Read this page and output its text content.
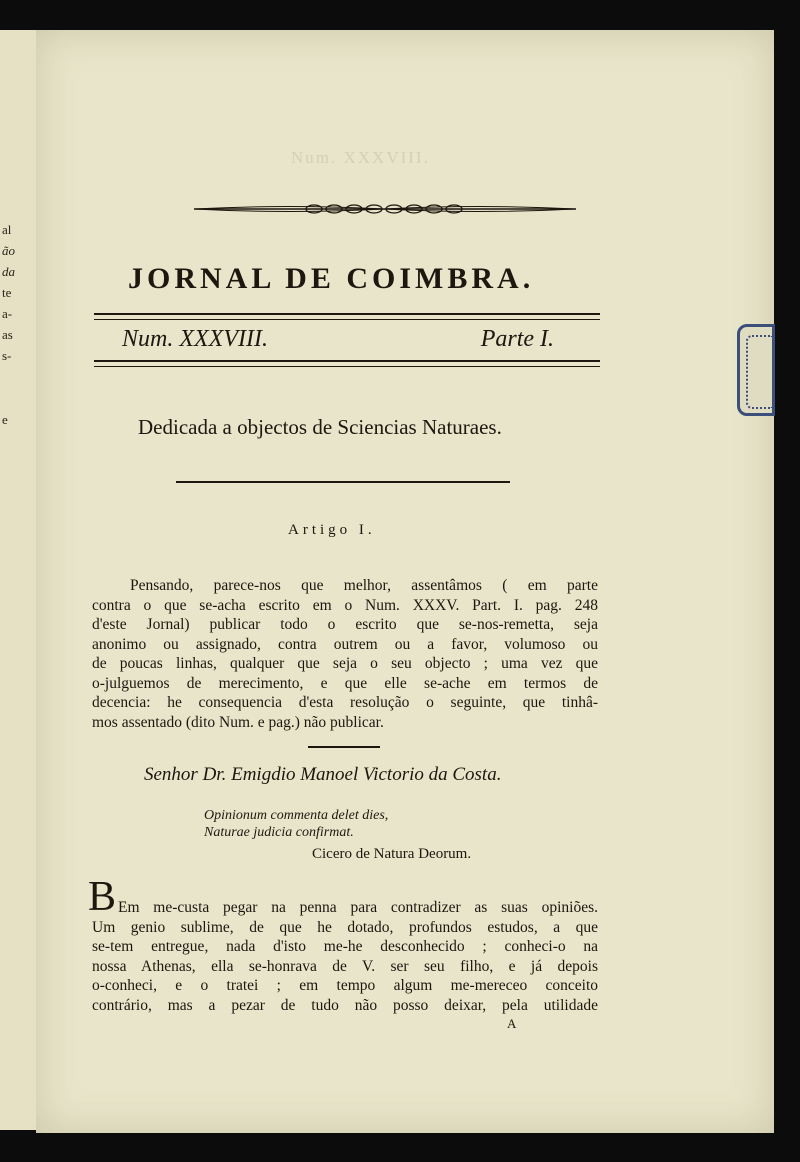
al
ão
da
te
a-
as
s-
e
Num. XXXVIII.
JORNAL DE COIMBRA.
Num. XXXVIII.	Parte I.
Dedicada a objectos de Sciencias Naturaes.
Artigo I.
Pensando, parece-nos que melhor, assentâmos ( em parte
contra o que se-acha escrito em o Num. XXXV. Part. I. pag. 248
d'este Jornal) publicar todo o escrito que se-nos-remetta, seja
anonimo ou assignado, contra outrem ou a favor, volumoso ou
de poucas linhas, qualquer que seja o seu objecto ; uma vez que
o-julguemos de merecimento, e que elle se-ache em termos de
decencia: he consequencia d'esta resolução o seguinte, que tinhâ-
mos assentado (dito Num. e pag.) não publicar.
Senhor Dr. Emigdio Manoel Victorio da Costa.
Opinionum commenta delet dies,
Naturae judicia confirmat.
Cicero de Natura Deorum.
B Em me-custa pegar na penna para contradizer as suas opiniões.
Um genio sublime, de que he dotado, profundos estudos, a que
se-tem entregue, nada d'isto me-he desconhecido ; conheci-o na
nossa Athenas, ella se-honrava de V. ser seu filho, e já depois
o-conheci, e o tratei ; em tempo algum me-mereceo conceito
contrário, mas a pezar de tudo não posso deixar, pela utilidade
A
